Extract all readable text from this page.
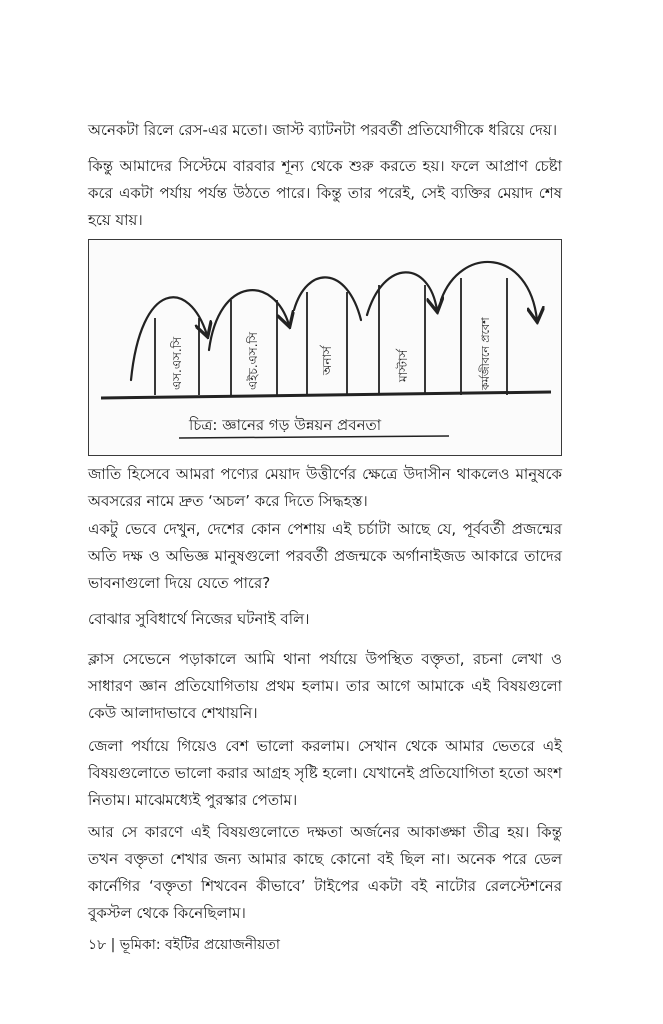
অনেকটা রিলে রেস-এর মতো। জাস্ট ব্যাটনটা পরবর্তী প্রতিযোগীকে ধরিয়ে দেয়।

কিন্তু আমাদের সিস্টেমে বারবার শূন্য থেকে শুরু করতে হয়। ফলে আপ্রাণ চেষ্টা করে একটা পর্যায় পর্যন্ত উঠতে পারে। কিন্তু তার পরেই, সেই ব্যক্তির মেয়াদ শেষ হয়ে যায়।

এস.এস.সি	এইচ.এস.সি	অনার্স	মাস্টার্স	কর্মজীবনে প্রবেশ
চিত্র: জ্ঞানের গড় উন্নয়ন প্রবনতা

জাতি হিসেবে আমরা পণ্যের মেয়াদ উত্তীর্ণের ক্ষেত্রে উদাসীন থাকলেও মানুষকে অবসরের নামে দ্রুত ‘অচল’ করে দিতে সিদ্ধহস্ত।

একটু ভেবে দেখুন, দেশের কোন পেশায় এই চর্চাটা আছে যে, পূর্ববর্তী প্রজন্মের অতি দক্ষ ও অভিজ্ঞ মানুষগুলো পরবর্তী প্রজন্মকে অর্গানাইজড আকারে তাদের ভাবনাগুলো দিয়ে যেতে পারে?

বোঝার সুবিধার্থে নিজের ঘটনাই বলি।

ক্লাস সেভেনে পড়াকালে আমি থানা পর্যায়ে উপস্থিত বক্তৃতা, রচনা লেখা ও সাধারণ জ্ঞান প্রতিযোগিতায় প্রথম হলাম। তার আগে আমাকে এই বিষয়গুলো কেউ আলাদাভাবে শেখায়নি।

জেলা পর্যায়ে গিয়েও বেশ ভালো করলাম। সেখান থেকে আমার ভেতরে এই বিষয়গুলোতে ভালো করার আগ্রহ সৃষ্টি হলো। যেখানেই প্রতিযোগিতা হতো অংশ নিতাম। মাঝেমধ্যেই পুরস্কার পেতাম।

আর সে কারণে এই বিষয়গুলোতে দক্ষতা অর্জনের আকাঙ্ক্ষা তীব্র হয়। কিন্তু তখন বক্তৃতা শেখার জন্য আমার কাছে কোনো বই ছিল না। অনেক পরে ডেল কার্নেগির ‘বক্তৃতা শিখবেন কীভাবে’ টাইপের একটা বই নাটোর রেলস্টেশনের বুকস্টল থেকে কিনেছিলাম।

১৮ | ভূমিকা: বইটির প্রয়োজনীয়তা
